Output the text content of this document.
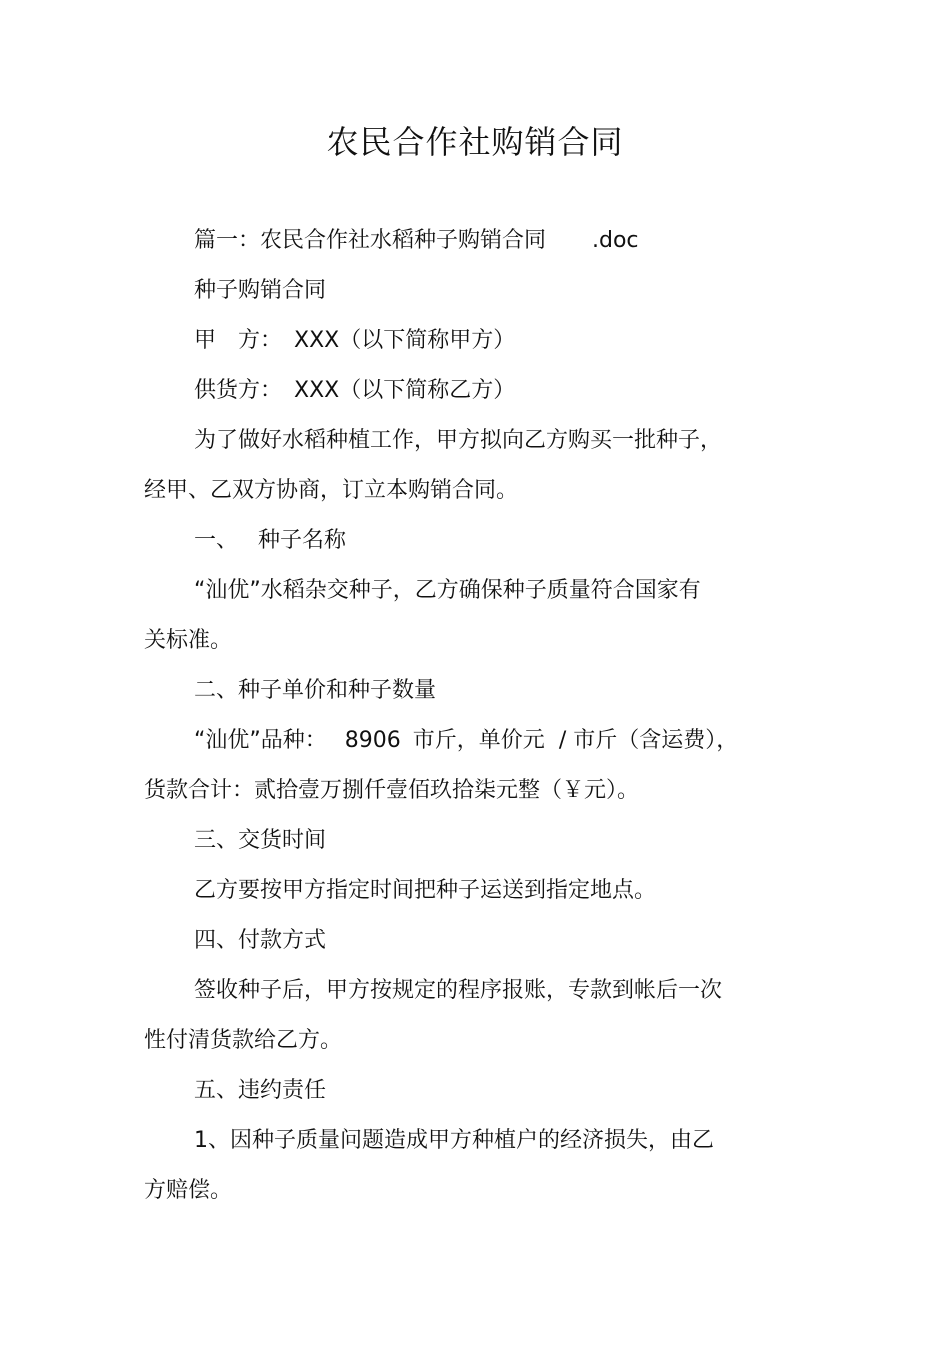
农民合作社购销合同
篇一：农民合作社水稻种子购销合同 .doc
种子购销合同
甲　方： XXX（以下简称甲方）
供货方： XXX（以下简称乙方）
为了做好水稻种植工作，甲方拟向乙方购买一批种子，
经甲、乙双方协商，订立本购销合同。
一、 种子名称
“汕优”水稻杂交种子，乙方确保种子质量符合国家有
关标准。
二、种子单价和种子数量
“汕优”品种： 8906 市斤，单价元 / 市斤（含运费），
货款合计：贰拾壹万捌仟壹佰玖拾柒元整（￥元）。
三、交货时间
乙方要按甲方指定时间把种子运送到指定地点。
四、付款方式
签收种子后，甲方按规定的程序报账，专款到帐后一次
性付清货款给乙方。
五、违约责任
1、因种子质量问题造成甲方种植户的经济损失，由乙
方赔偿。
